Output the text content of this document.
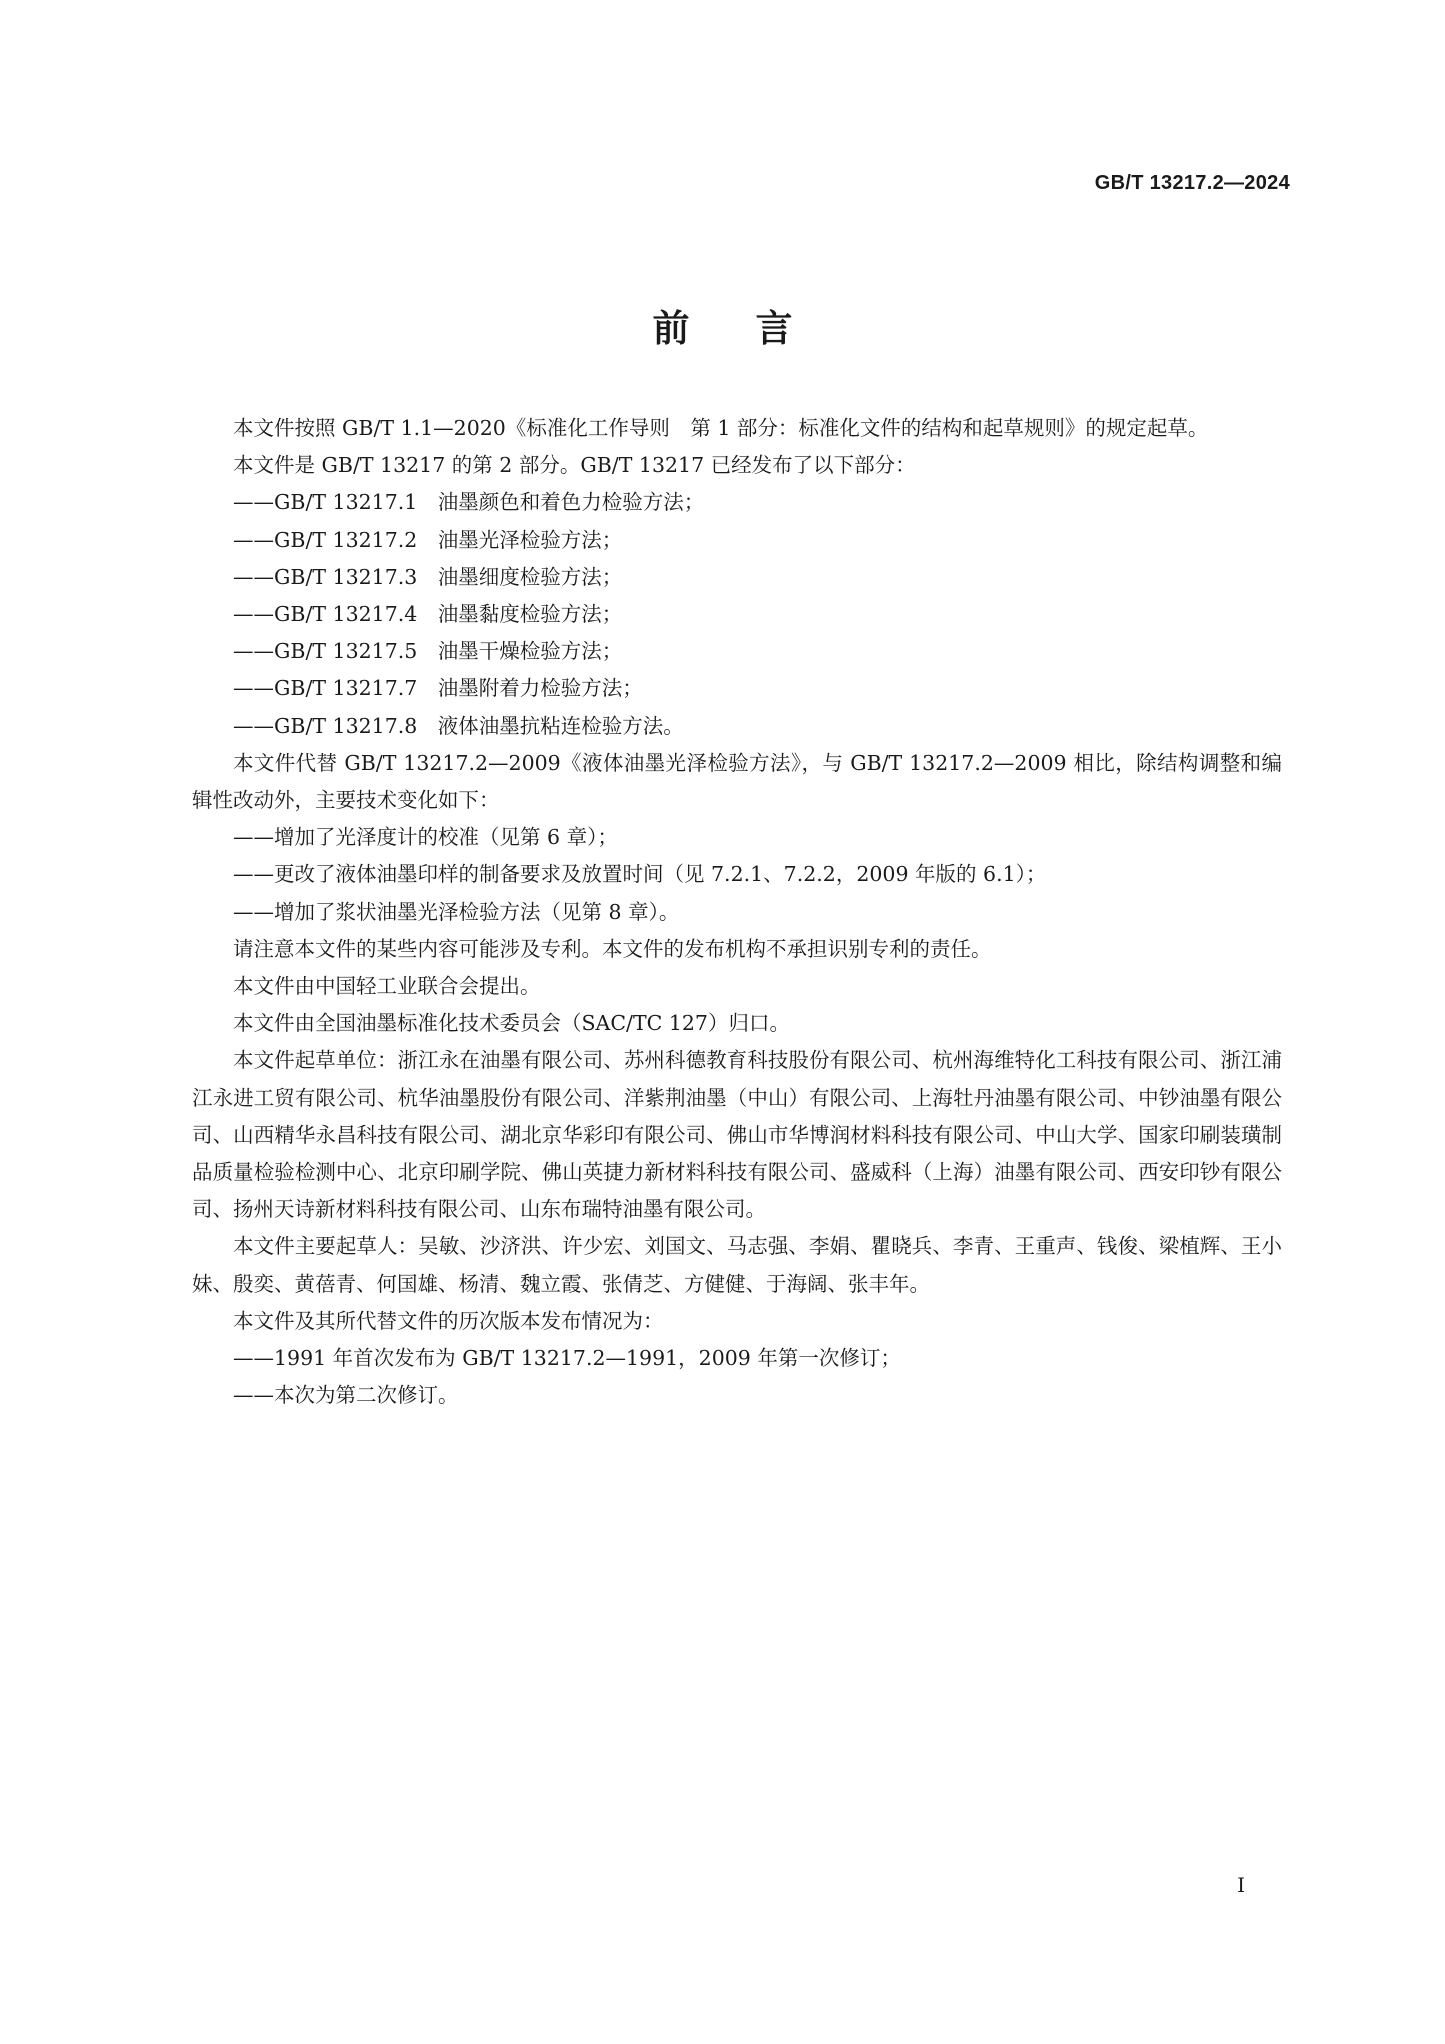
GB/T 13217.2—2024
前言

本文件按照 GB/T 1.1—2020《标准化工作导则　第 1 部分：标准化文件的结构和起草规则》的规定起草。

本文件是 GB/T 13217 的第 2 部分。GB/T 13217 已经发布了以下部分：

——GB/T 13217.1　油墨颜色和着色力检验方法；

——GB/T 13217.2　油墨光泽检验方法；

——GB/T 13217.3　油墨细度检验方法；

——GB/T 13217.4　油墨黏度检验方法；

——GB/T 13217.5　油墨干燥检验方法；

——GB/T 13217.7　油墨附着力检验方法；

——GB/T 13217.8　液体油墨抗粘连检验方法。

本文件代替 GB/T 13217.2—2009《液体油墨光泽检验方法》，与 GB/T 13217.2—2009 相比，除结构调整和编辑性改动外，主要技术变化如下：

——增加了光泽度计的校准（见第 6 章）；

——更改了液体油墨印样的制备要求及放置时间（见 7.2.1、7.2.2，2009 年版的 6.1）；

——增加了浆状油墨光泽检验方法（见第 8 章）。

请注意本文件的某些内容可能涉及专利。本文件的发布机构不承担识别专利的责任。

本文件由中国轻工业联合会提出。

本文件由全国油墨标准化技术委员会（SAC/TC 127）归口。

本文件起草单位：浙江永在油墨有限公司、苏州科德教育科技股份有限公司、杭州海维特化工科技有限公司、浙江浦江永进工贸有限公司、杭华油墨股份有限公司、洋紫荆油墨（中山）有限公司、上海牡丹油墨有限公司、中钞油墨有限公司、山西精华永昌科技有限公司、湖北京华彩印有限公司、佛山市华博润材料科技有限公司、中山大学、国家印刷装璜制品质量检验检测中心、北京印刷学院、佛山英捷力新材料科技有限公司、盛威科（上海）油墨有限公司、西安印钞有限公司、扬州天诗新材料科技有限公司、山东布瑞特油墨有限公司。

本文件主要起草人：吴敏、沙济洪、许少宏、刘国文、马志强、李娟、瞿晓兵、李青、王重声、钱俊、梁植辉、王小妹、殷奕、黄蓓青、何国雄、杨清、魏立霞、张倩芝、方健健、于海阔、张丰年。

本文件及其所代替文件的历次版本发布情况为：

——1991 年首次发布为 GB/T 13217.2—1991，2009 年第一次修订；

——本次为第二次修订。

I
